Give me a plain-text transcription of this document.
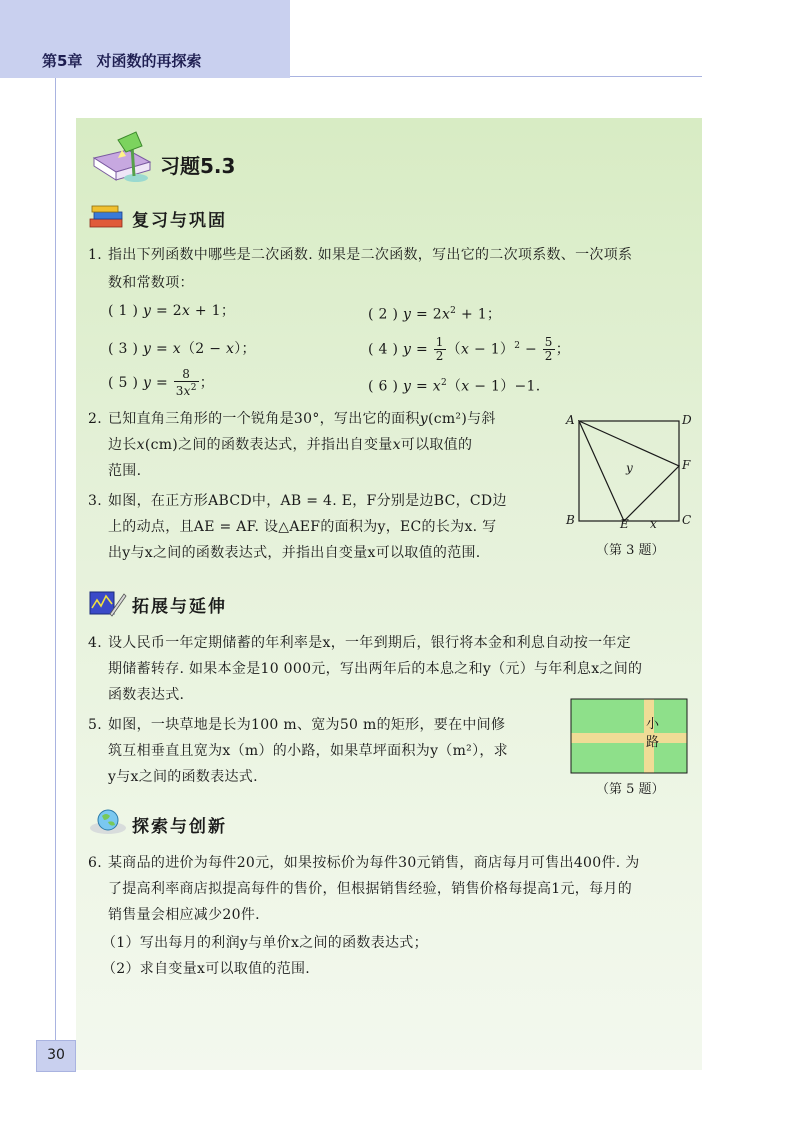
第5章 对函数的再探索
30
习题5.3
复习与巩固
1. 指出下列函数中哪些是二次函数. 如果是二次函数，写出它的二次项系数、一次项系
数和常数项：
( 1 ) y = 2x + 1；	( 2 ) $y = 2x^2 + 1$；
( 3 ) y = x（2 − x）；	( 4 ) $y = \frac{1}{2} (x - 1)^2 - \frac{5}{2}$ ；
( 5 ) $y = \frac{8}{3x^2}$ ；	( 6 ) $y = x^2(x - 1)-1$.
2. 已知直角三角形的一个锐角是30°，写出它的面积y(cm²)与斜
边长x(cm)之间的函数表达式，并指出自变量x可以取值的
范围.
3. 如图，在正方形ABCD中，AB = 4. E，F分别是边BC，CD边
上的动点，且AE = AF. 设△AEF的面积为y，EC的长为x. 写
出y与x之间的函数表达式，并指出自变量x可以取值的范围.
A	D
B	C
E
F
x
y
（第 3 题）
拓展与延伸
4. 设人民币一年定期储蓄的年利率是x，一年到期后，银行将本金和利息自动按一年定
期储蓄转存. 如果本金是10 000元，写出两年后的本息之和y（元）与年利息x之间的
函数表达式.
5. 如图，一块草地是长为100 m、宽为50 m的矩形，要在中间修
筑互相垂直且宽为x（m）的小路，如果草坪面积为y（m²），求
y与x之间的函数表达式.
小
路
（第 5 题）
探索与创新
6. 某商品的进价为每件20元，如果按标价为每件30元销售，商店每月可售出400件. 为
了提高利率商店拟提高每件的售价，但根据销售经验，销售价格每提高1元，每月的
销售量会相应减少20件.
（1）写出每月的利润y与单价x之间的函数表达式；
（2）求自变量x可以取值的范围.
